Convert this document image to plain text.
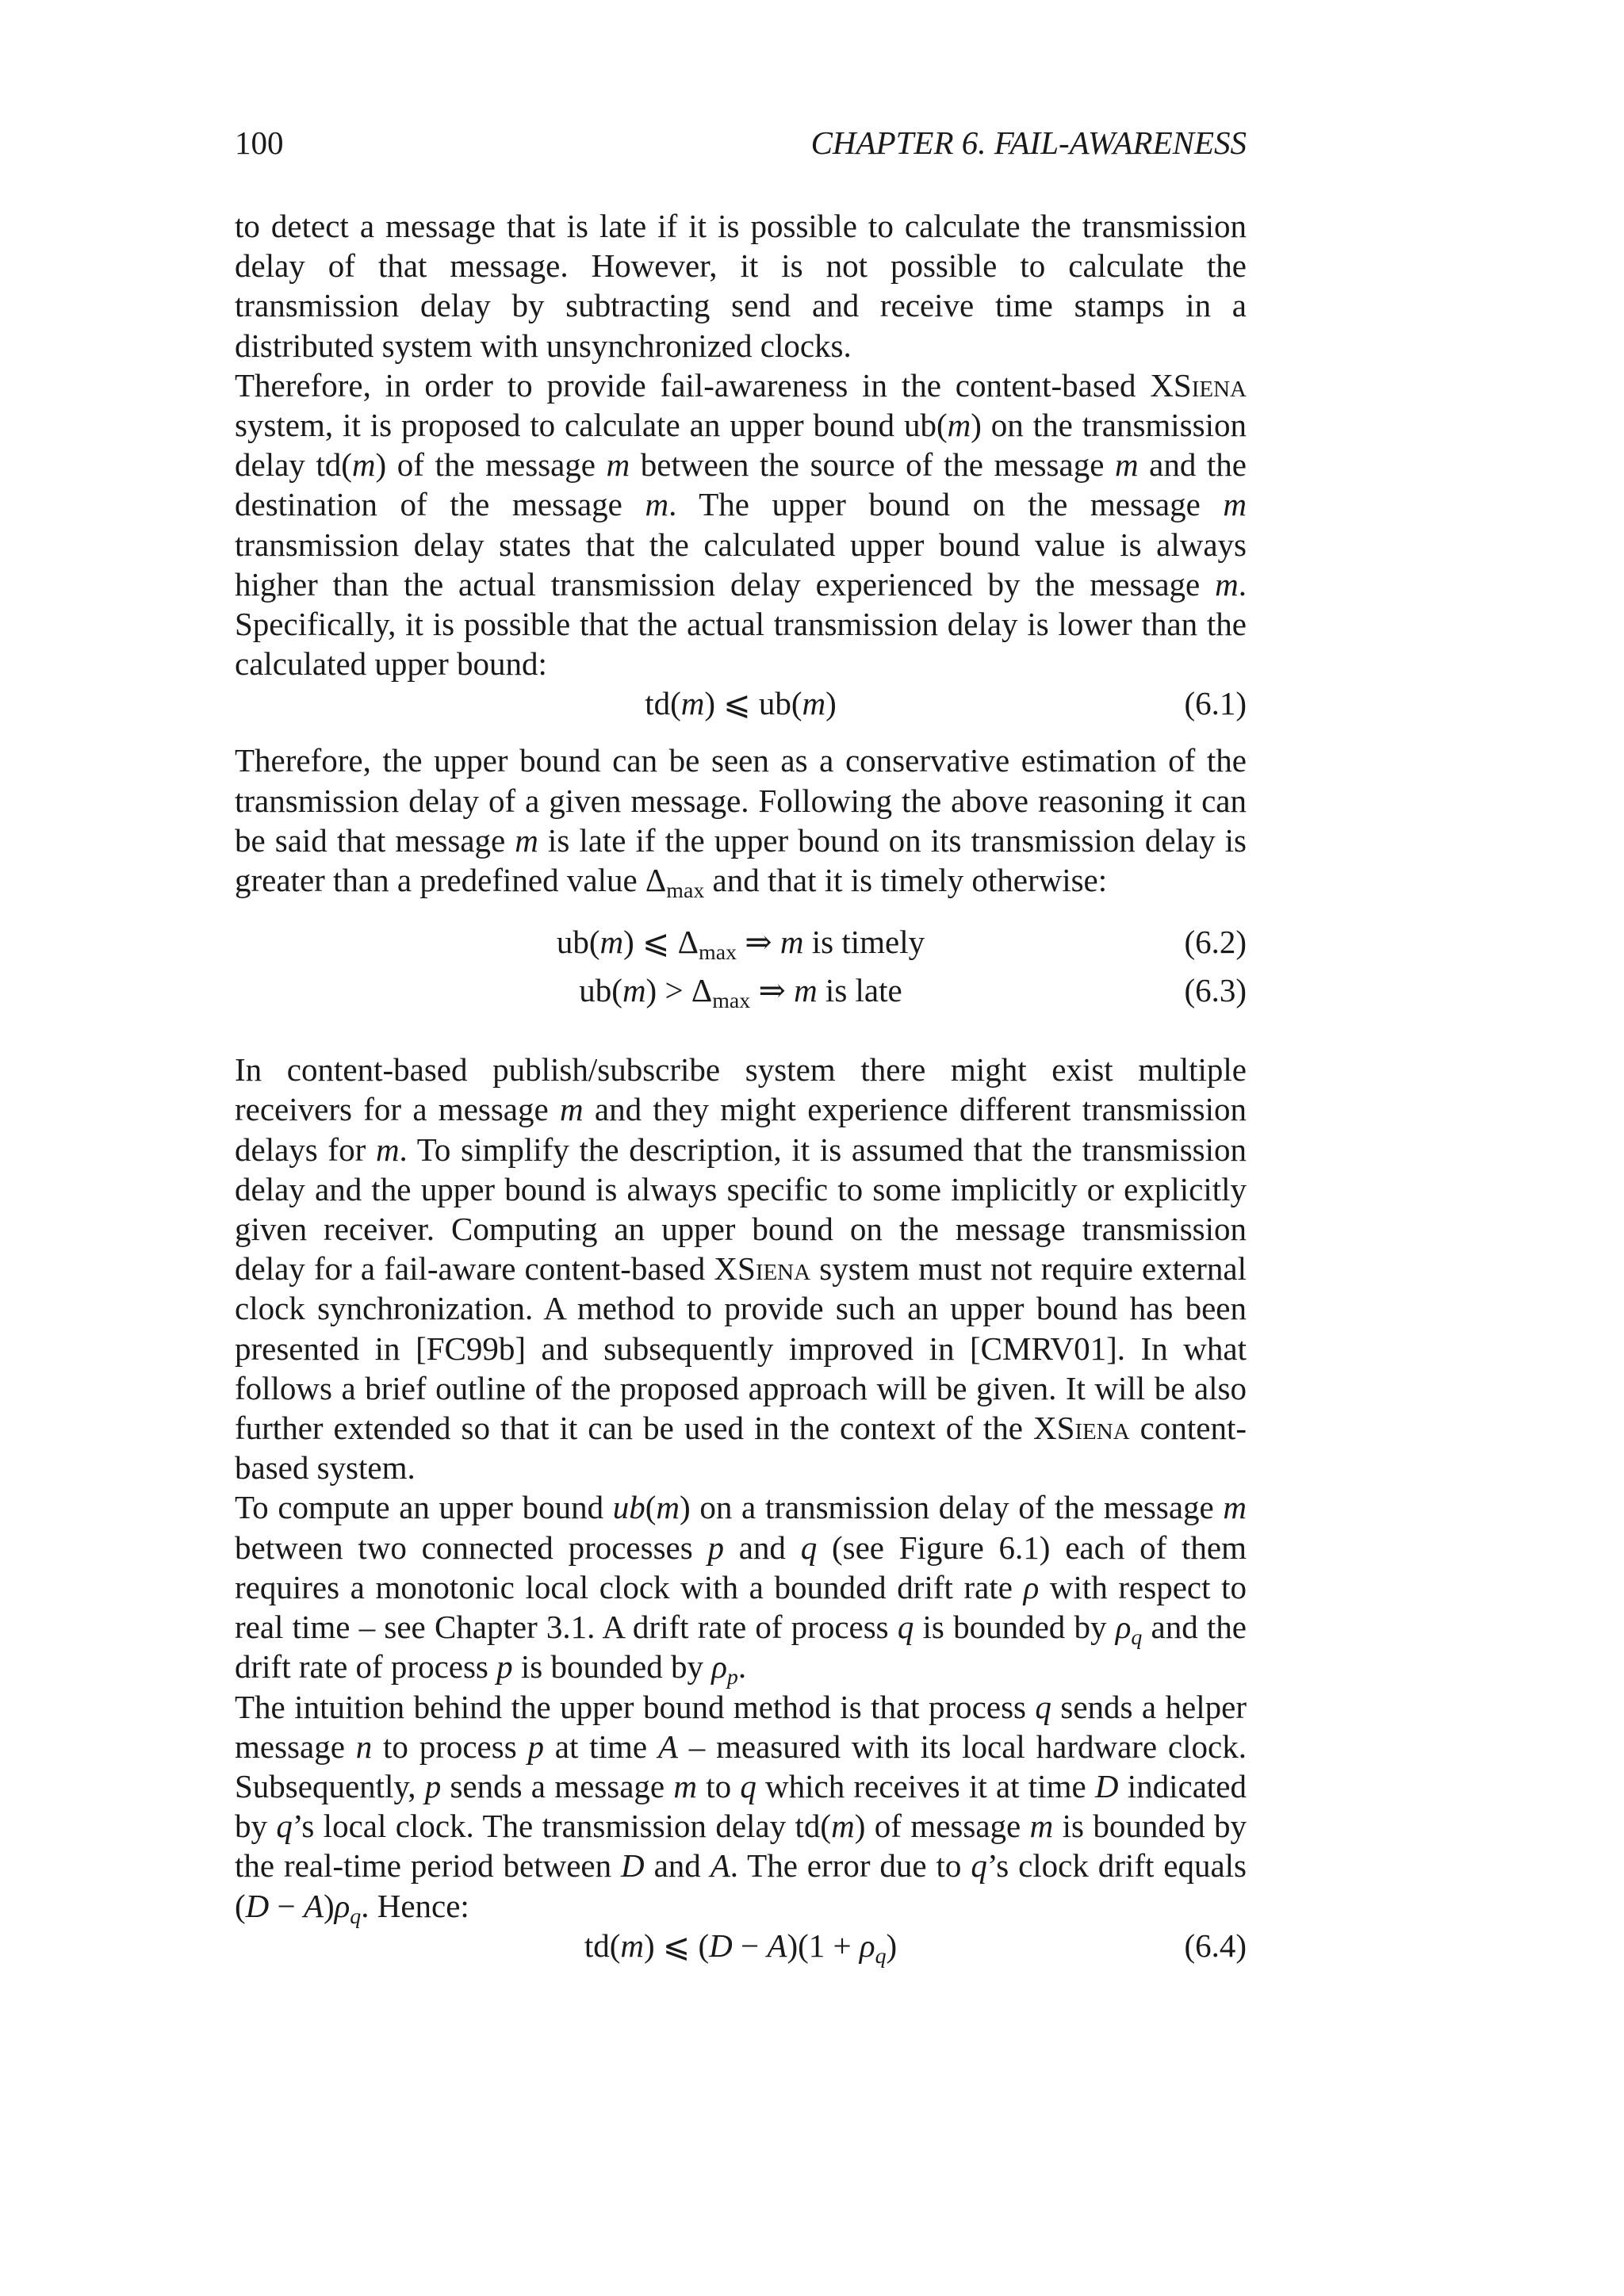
100	CHAPTER 6. FAIL-AWARENESS

to detect a message that is late if it is possible to calculate the transmission delay of that message. However, it is not possible to calculate the transmission delay by subtracting send and receive time stamps in a distributed system with unsynchronized clocks.

Therefore, in order to provide fail-awareness in the content-based XSiena system, it is proposed to calculate an upper bound ub(m) on the transmission delay td(m) of the message m between the source of the message m and the destination of the message m. The upper bound on the message m transmission delay states that the calculated upper bound value is always higher than the actual transmission delay experienced by the message m. Specifically, it is possible that the actual transmission delay is lower than the calculated upper bound:

td(m) ⩽ ub(m)	(6.1)

Therefore, the upper bound can be seen as a conservative estimation of the transmission delay of a given message. Following the above reasoning it can be said that message m is late if the upper bound on its transmission delay is greater than a predefined value $\Delta_{max}$ and that it is timely otherwise:

ub(m) ⩽ $\Delta_{max}$ ⇒ m is timely	(6.2)
$ub(m) > \Delta_{max}$ ⇒ m is late	(6.3)

In content-based publish/subscribe system there might exist multiple receivers for a message m and they might experience different transmission delays for m. To simplify the description, it is assumed that the transmission delay and the upper bound is always specific to some implicitly or explicitly given receiver. Computing an upper bound on the message transmission delay for a fail-aware content-based XSiena system must not require external clock synchronization. A method to provide such an upper bound has been presented in [FC99b] and subsequently improved in [CMRV01]. In what follows a brief outline of the proposed approach will be given. It will be also further extended so that it can be used in the context of the XSiena content-based system.

To compute an upper bound ub(m) on a transmission delay of the message m between two connected processes p and q (see Figure 6.1) each of them requires a monotonic local clock with a bounded drift rate ρ with respect to real time – see Chapter 3.1. A drift rate of process q is bounded by $\rho_q$ and the drift rate of process p is bounded by $\rho_p$.

The intuition behind the upper bound method is that process q sends a helper message n to process p at time A – measured with its local hardware clock. Subsequently, p sends a message m to q which receives it at time D indicated by q’s local clock. The transmission delay td(m) of message m is bounded by the real-time period between D and A. The error due to q’s clock drift equals $(D - A)\rho_q$. Hence:

td(m) ⩽ $(D - A)(1 + \rho_q)$	(6.4)
